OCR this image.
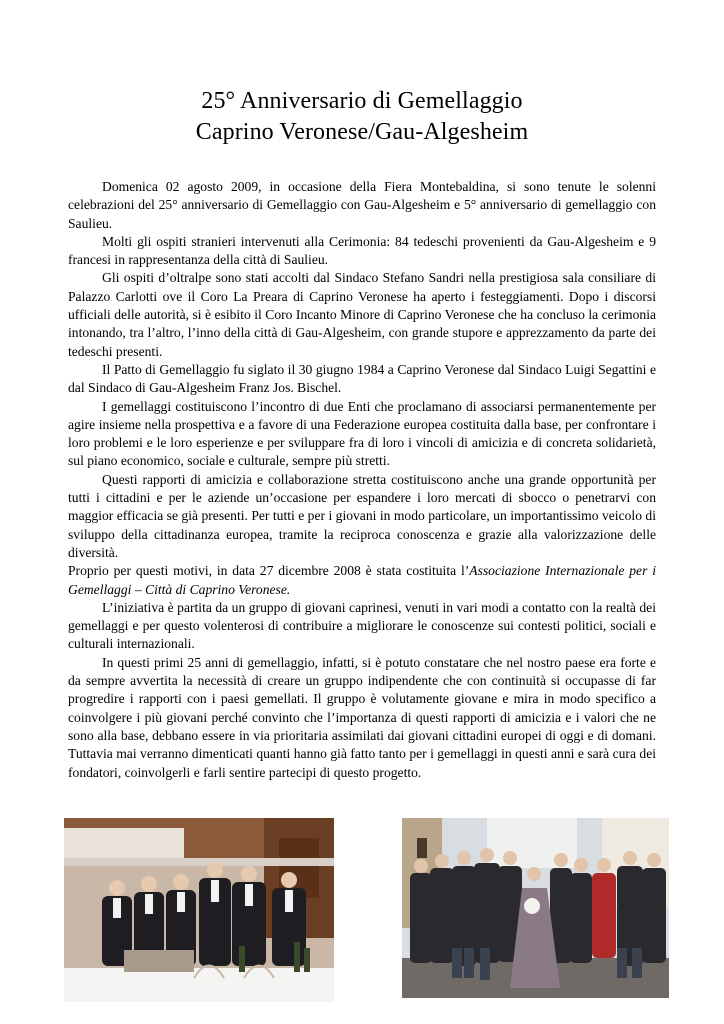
25° Anniversario di Gemellaggio
Caprino Veronese/Gau-Algesheim

Domenica 02 agosto 2009, in occasione della Fiera Montebaldina, si sono tenute le solenni celebrazioni del 25° anniversario di Gemellaggio con Gau-Algesheim e 5° anniversario di gemellaggio con Saulieu.

Molti gli ospiti stranieri intervenuti alla Cerimonia: 84 tedeschi provenienti da Gau-Algesheim e 9 francesi in rappresentanza della città di Saulieu.

Gli ospiti d’oltralpe sono stati accolti dal Sindaco Stefano Sandri nella prestigiosa sala consiliare di Palazzo Carlotti ove il Coro La Preara di Caprino Veronese ha aperto i festeggiamenti. Dopo i discorsi ufficiali delle autorità, si è esibito il Coro Incanto Minore di Caprino Veronese che ha concluso la cerimonia intonando, tra l’altro, l’inno della città di Gau-Algesheim, con grande stupore e apprezzamento da parte dei tedeschi presenti.

Il Patto di Gemellaggio fu siglato il 30 giugno 1984 a Caprino Veronese dal Sindaco Luigi Segattini e dal Sindaco di Gau-Algesheim Franz Jos. Bischel.

I gemellaggi costituiscono l’incontro di due Enti che proclamano di associarsi permanentemente per agire insieme nella prospettiva e a favore di una Federazione europea costituita dalla base, per confrontare i loro problemi e le loro esperienze e per sviluppare fra di loro i vincoli di amicizia e di concreta solidarietà, sul piano economico, sociale e culturale, sempre più stretti.

Questi rapporti di amicizia e collaborazione stretta costituiscono anche una grande opportunità per tutti i cittadini e per le aziende un’occasione per espandere i loro mercati di sbocco o penetrarvi con maggior efficacia se già presenti. Per tutti e per i giovani in modo particolare, un importantissimo veicolo di sviluppo della cittadinanza europea, tramite la reciproca conoscenza e grazie alla valorizzazione delle diversità.

Proprio per questi motivi, in data 27 dicembre 2008 è stata costituita l’Associazione Internazionale per i Gemellaggi – Città di Caprino Veronese.

L’iniziativa è partita da un gruppo di giovani caprinesi, venuti in vari modi a contatto con la realtà dei gemellaggi e per questo volenterosi di contribuire a migliorare le conoscenze sui contesti politici, sociali e culturali internazionali.

In questi primi 25 anni di gemellaggio, infatti, si è potuto constatare che nel nostro paese era forte e da sempre avvertita la necessità di creare un gruppo indipendente che con continuità si occupasse di far progredire i rapporti con i paesi gemellati. Il gruppo è volutamente giovane e mira in modo specifico a coinvolgere i più giovani perché convinto che l’importanza di questi rapporti di amicizia e i valori che ne sono alla base, debbano essere in via prioritaria assimilati dai giovani cittadini europei di oggi e di domani. Tuttavia mai verranno dimenticati quanti hanno già fatto tanto per i gemellaggi in questi anni e sarà cura dei fondatori, coinvolgerli e farli sentire partecipi di questo progetto.
